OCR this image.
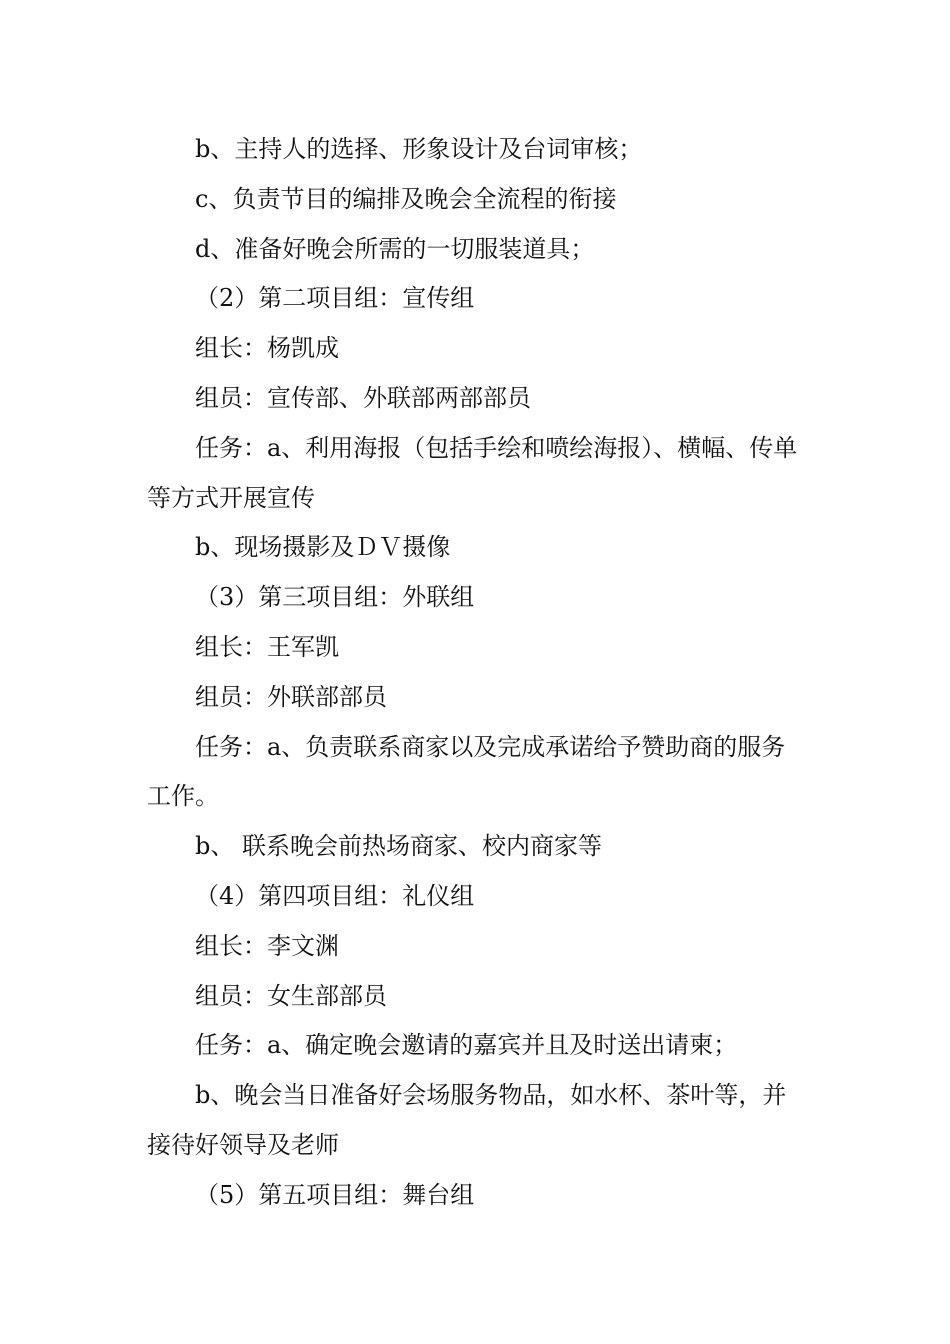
b、主持人的选择、形象设计及台词审核；

c、负责节目的编排及晚会全流程的衔接

d、准备好晚会所需的一切服装道具；

（2）第二项目组：宣传组

组长：杨凯成

组员：宣传部、外联部两部部员

任务：a、利用海报（包括手绘和喷绘海报）、横幅、传单等方式开展宣传

b、现场摄影及ＤＶ摄像

（3）第三项目组：外联组

组长：王军凯

组员：外联部部员

任务：a、负责联系商家以及完成承诺给予赞助商的服务工作。

b、 联系晚会前热场商家、校内商家等

（4）第四项目组：礼仪组

组长：李文渊

组员：女生部部员

任务：a、确定晚会邀请的嘉宾并且及时送出请柬；

b、晚会当日准备好会场服务物品，如水杯、茶叶等，并接待好领导及老师

（5）第五项目组：舞台组
